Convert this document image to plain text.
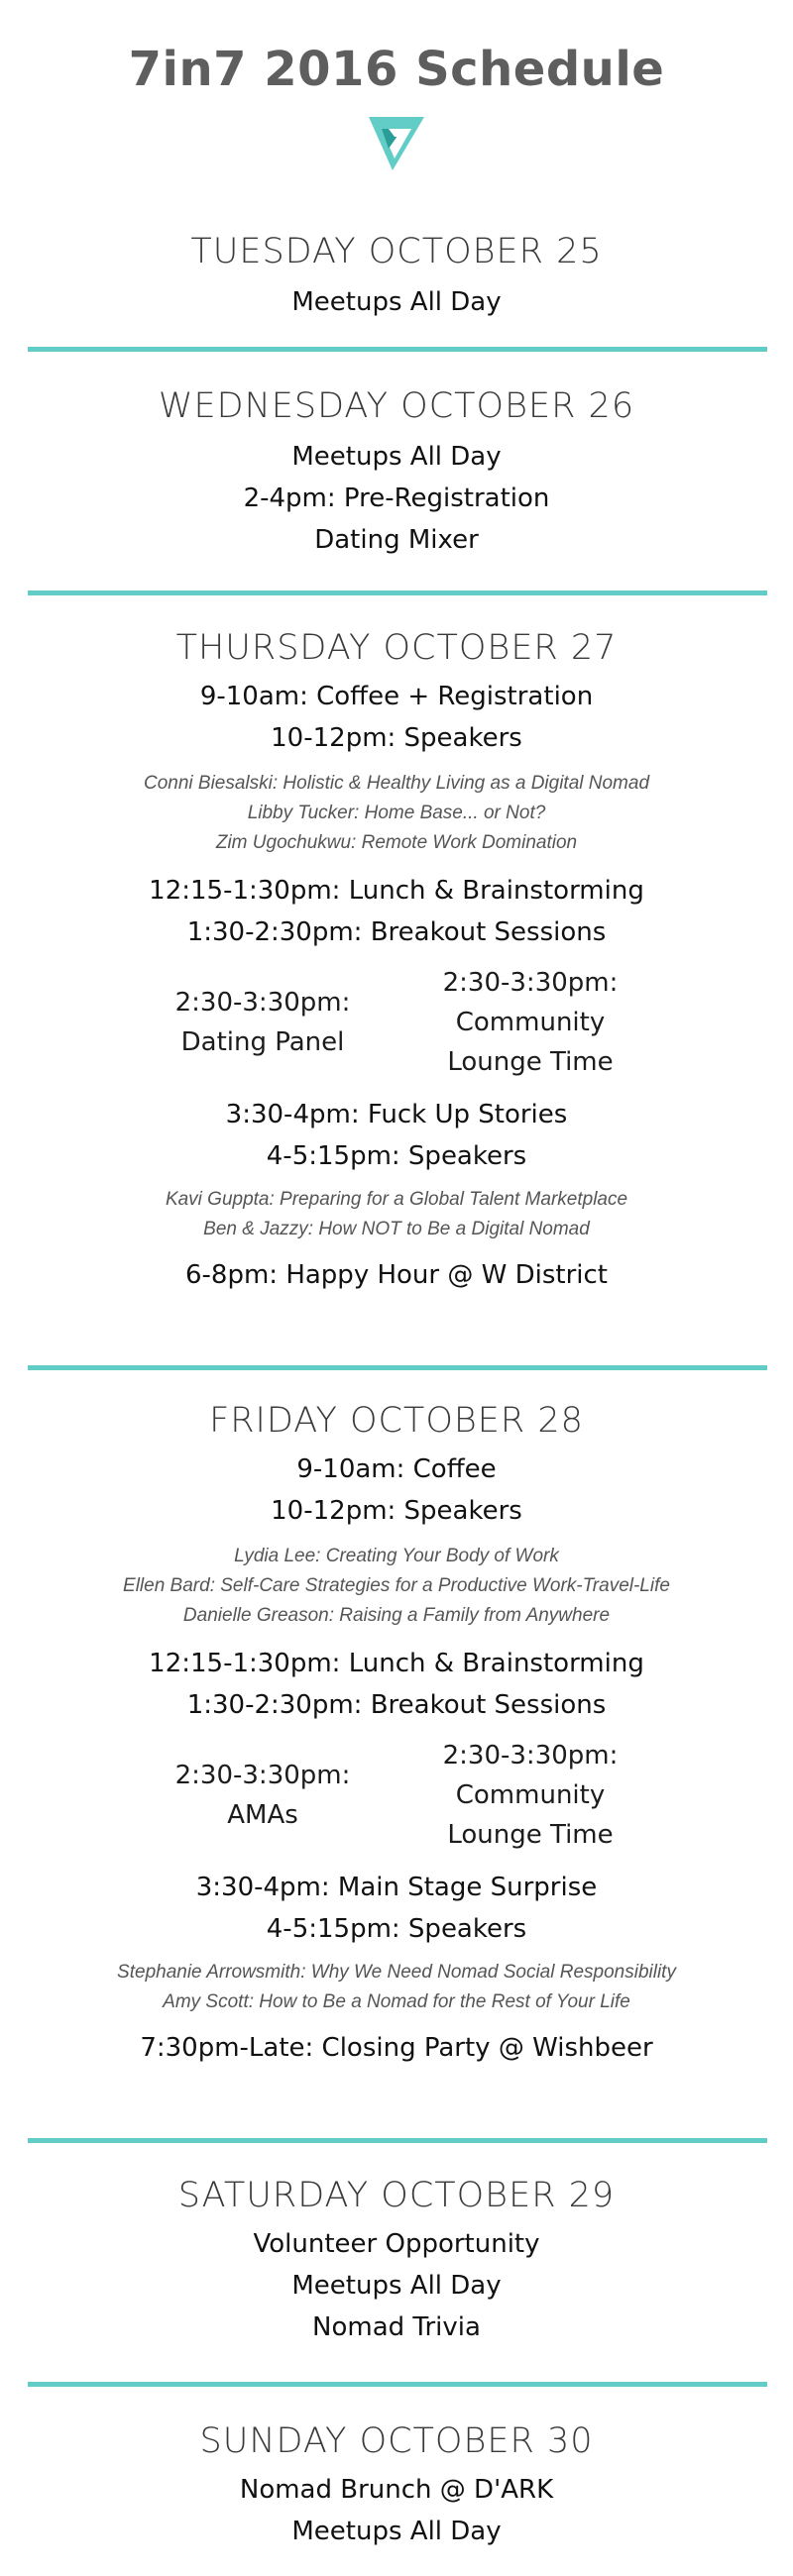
7in7 2016 Schedule
TUESDAY OCTOBER 25
Meetups All Day
WEDNESDAY OCTOBER 26
Meetups All Day
2-4pm: Pre-Registration
Dating Mixer
THURSDAY OCTOBER 27
9-10am: Coffee + Registration
10-12pm: Speakers
Conni Biesalski: Holistic & Healthy Living as a Digital Nomad
Libby Tucker: Home Base... or Not?
Zim Ugochukwu: Remote Work Domination
12:15-1:30pm: Lunch & Brainstorming
1:30-2:30pm: Breakout Sessions
2:30-3:30pm:
Dating Panel
2:30-3:30pm:
Community
Lounge Time
3:30-4pm: Fuck Up Stories
4-5:15pm: Speakers
Kavi Guppta: Preparing for a Global Talent Marketplace
Ben & Jazzy: How NOT to Be a Digital Nomad
6-8pm: Happy Hour @ W District
FRIDAY OCTOBER 28
9-10am: Coffee
10-12pm: Speakers
Lydia Lee: Creating Your Body of Work
Ellen Bard: Self-Care Strategies for a Productive Work-Travel-Life
Danielle Greason: Raising a Family from Anywhere
12:15-1:30pm: Lunch & Brainstorming
1:30-2:30pm: Breakout Sessions
2:30-3:30pm:
AMAs
2:30-3:30pm:
Community
Lounge Time
3:30-4pm: Main Stage Surprise
4-5:15pm: Speakers
Stephanie Arrowsmith: Why We Need Nomad Social Responsibility
Amy Scott: How to Be a Nomad for the Rest of Your Life
7:30pm-Late: Closing Party @ Wishbeer
SATURDAY OCTOBER 29
Volunteer Opportunity
Meetups All Day
Nomad Trivia
SUNDAY OCTOBER 30
Nomad Brunch @ D'ARK
Meetups All Day
